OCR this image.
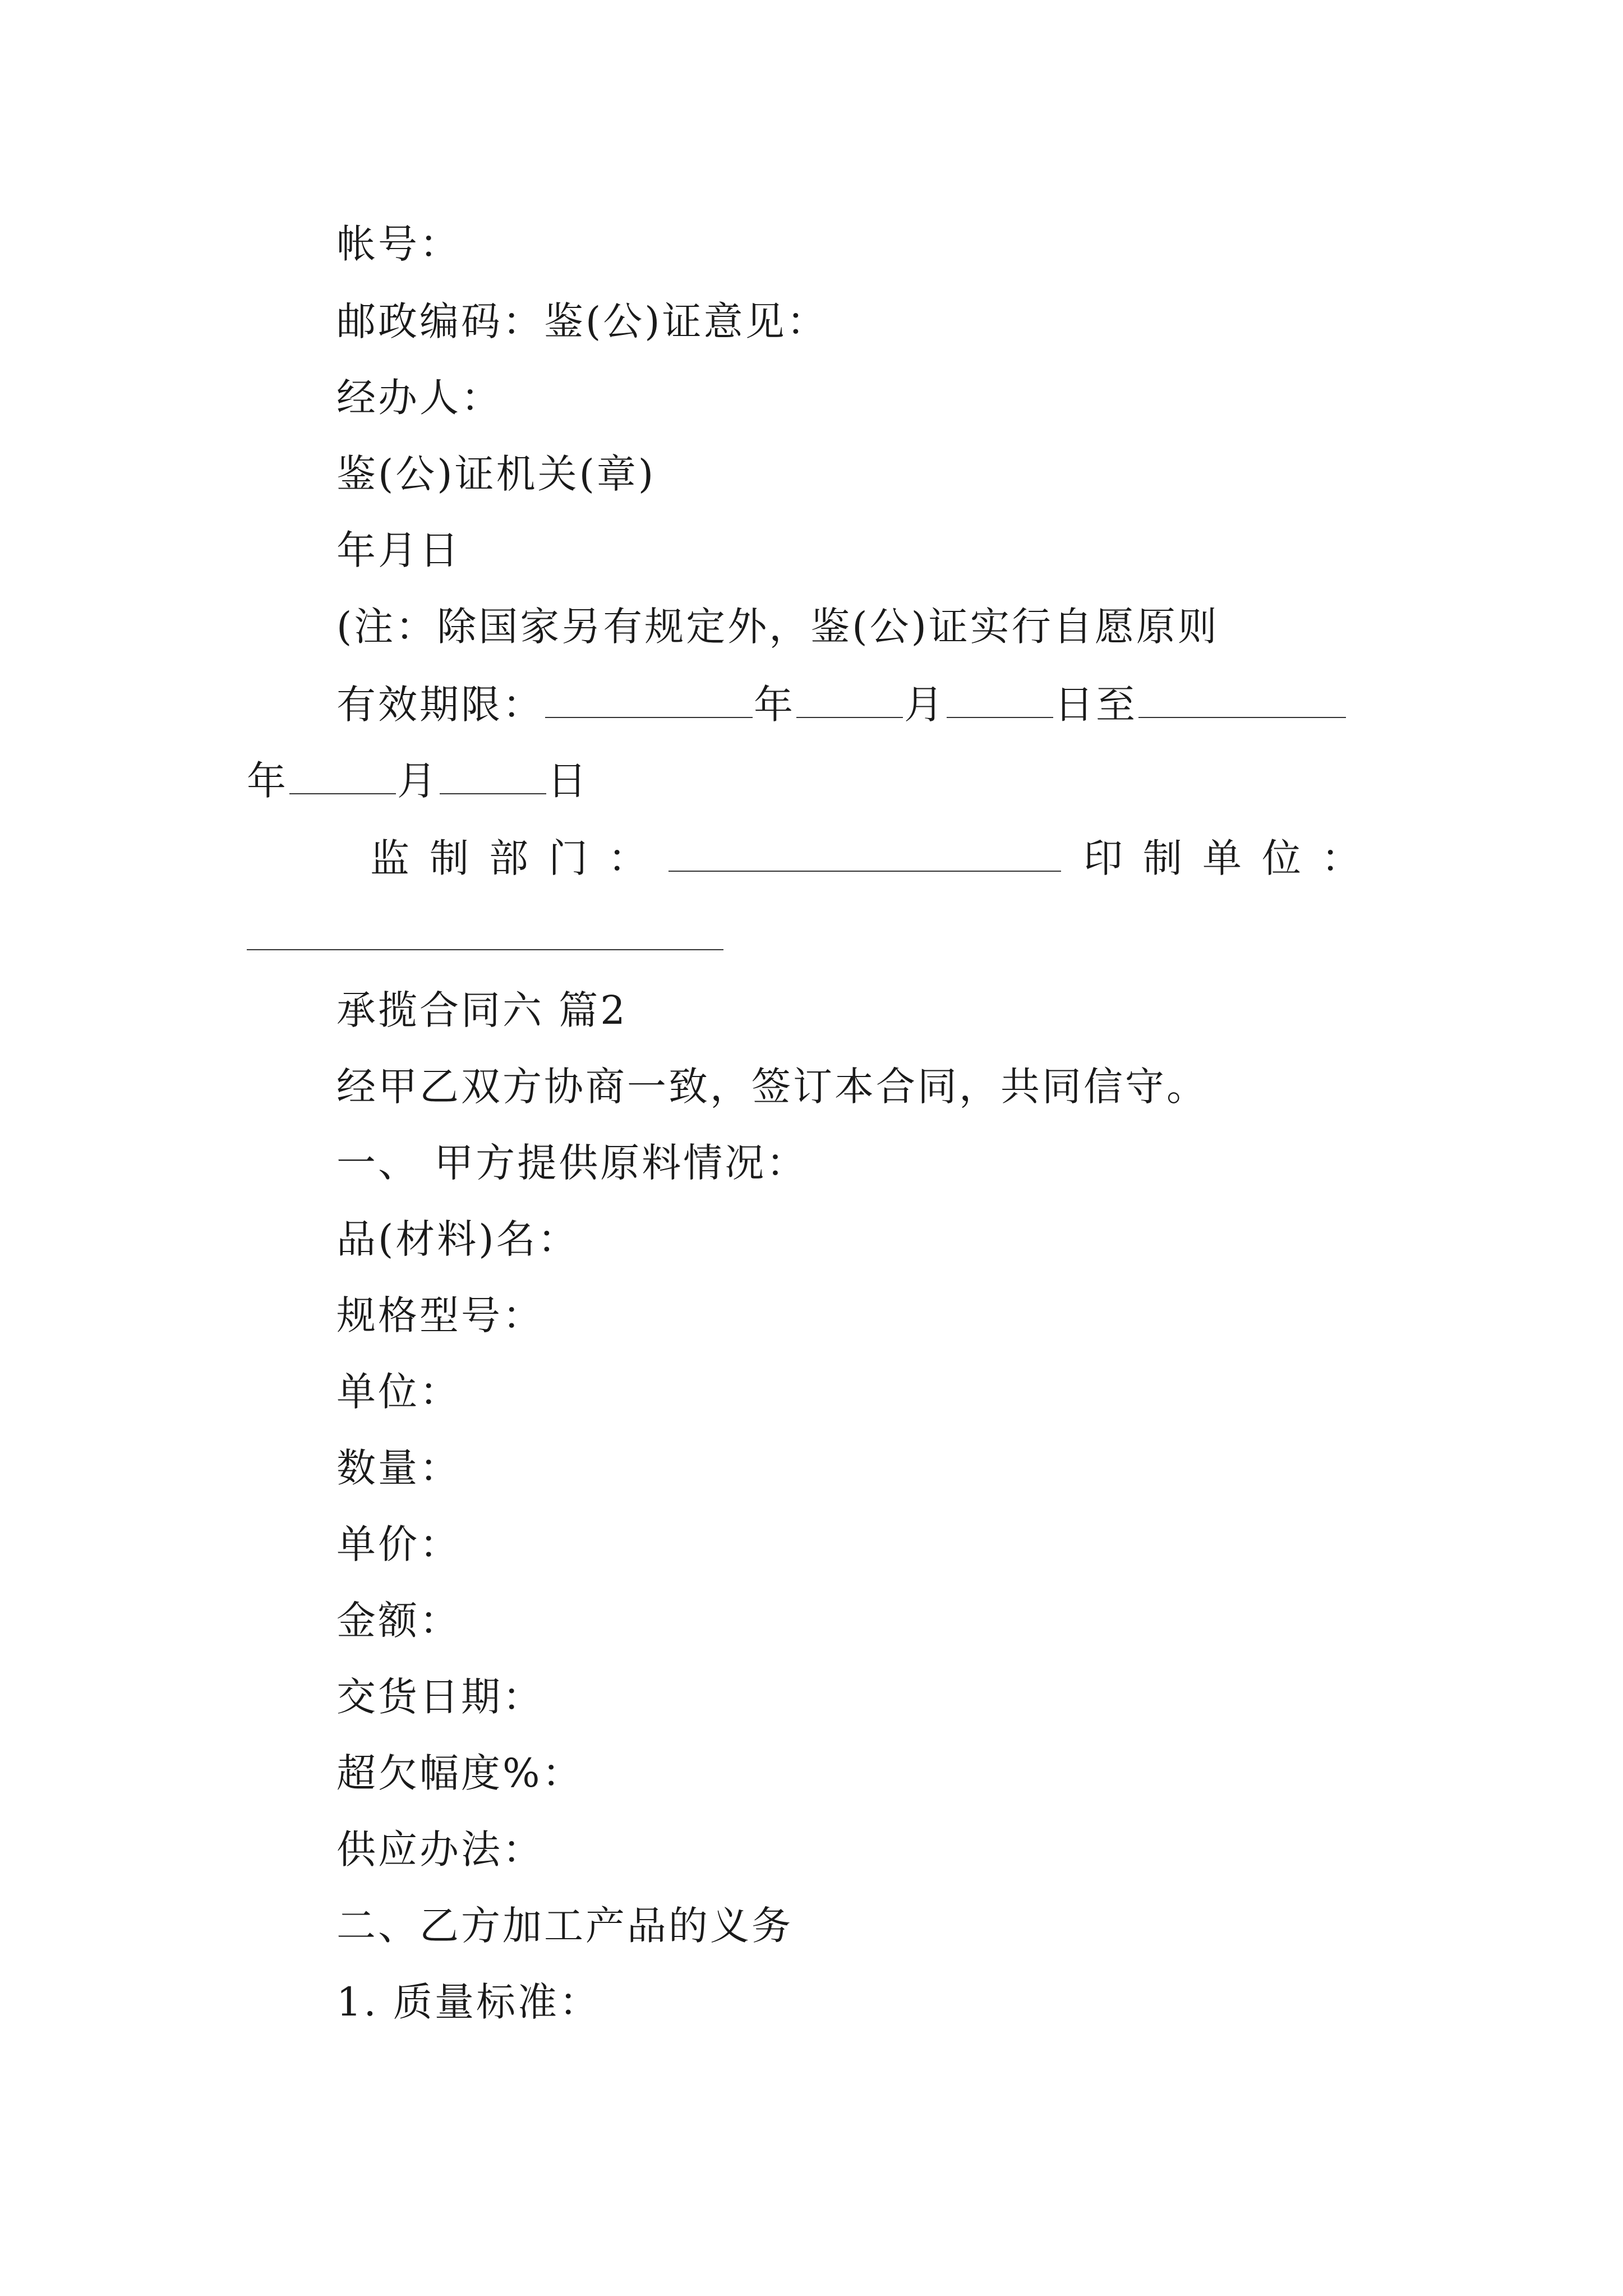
帐号：
邮政编码：鉴(公)证意见：
经办人：
鉴(公)证机关(章)
年月日
(注：除国家另有规定外，鉴(公)证实行自愿原则
有效期限：	年	月	日至
年	月	日
监制部门：	印制单位：
承揽合同六 篇2
经甲乙双方协商一致，签订本合同，共同信守。
一、 甲方提供原料情况：
品(材料)名：
规格型号：
单位：
数量：
单价：
金额：
交货日期：
超欠幅度%：
供应办法：
二、乙方加工产品的义务
1. 质量标准：
